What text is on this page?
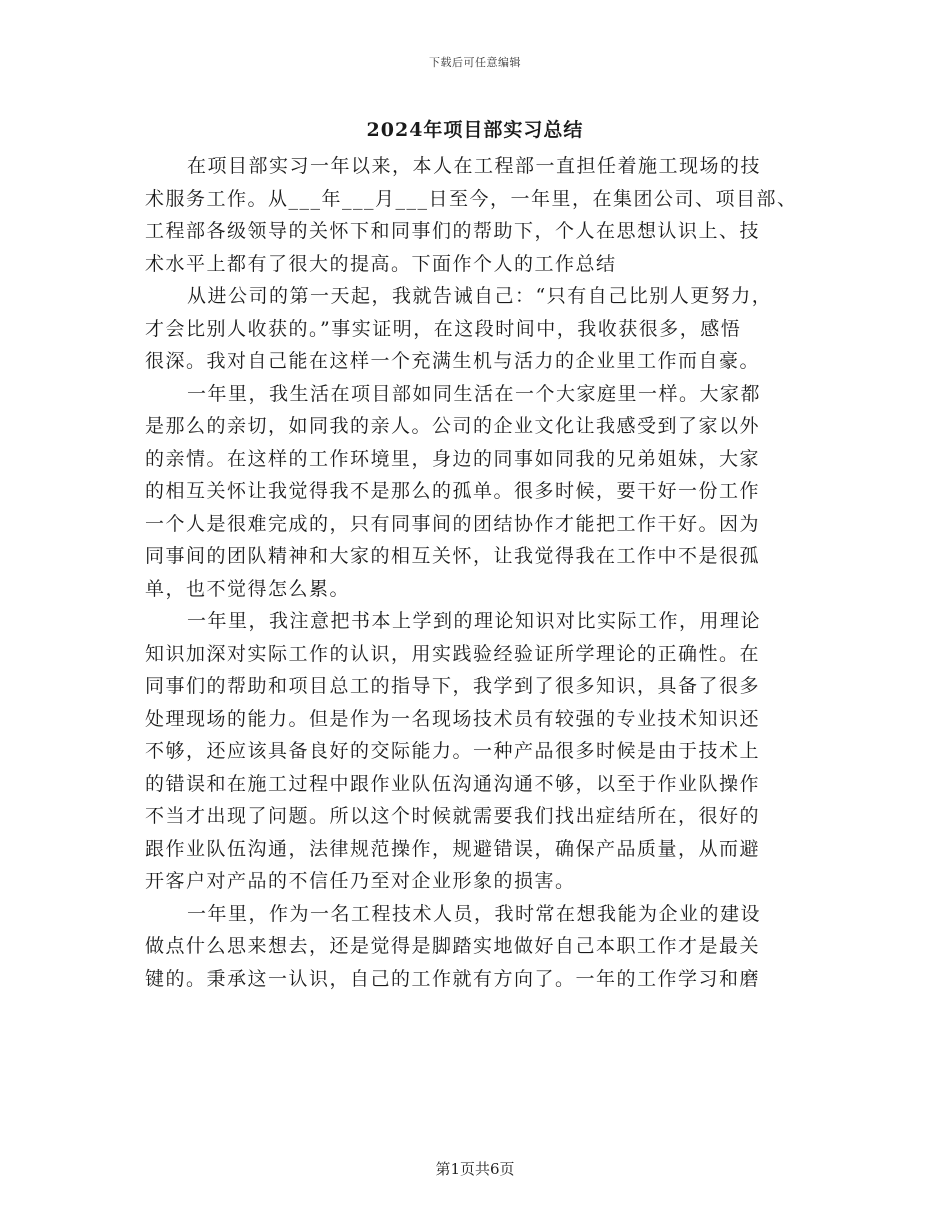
下载后可任意编辑
2024年项目部实习总结
在项目部实习一年以来，本人在工程部一直担任着施工现场的技
术服务工作。从___年___月___日至今，一年里，在集团公司、项目部、
工程部各级领导的关怀下和同事们的帮助下，个人在思想认识上、技
术水平上都有了很大的提高。下面作个人的工作总结
从进公司的第一天起，我就告诫自己：“只有自己比别人更努力，
才会比别人收获的。”事实证明，在这段时间中，我收获很多，感悟
很深。我对自己能在这样一个充满生机与活力的企业里工作而自豪。
一年里，我生活在项目部如同生活在一个大家庭里一样。大家都
是那么的亲切，如同我的亲人。公司的企业文化让我感受到了家以外
的亲情。在这样的工作环境里，身边的同事如同我的兄弟姐妹，大家
的相互关怀让我觉得我不是那么的孤单。很多时候，要干好一份工作
一个人是很难完成的，只有同事间的团结协作才能把工作干好。因为
同事间的团队精神和大家的相互关怀，让我觉得我在工作中不是很孤
单，也不觉得怎么累。
一年里，我注意把书本上学到的理论知识对比实际工作，用理论
知识加深对实际工作的认识，用实践验经验证所学理论的正确性。在
同事们的帮助和项目总工的指导下，我学到了很多知识，具备了很多
处理现场的能力。但是作为一名现场技术员有较强的专业技术知识还
不够，还应该具备良好的交际能力。一种产品很多时候是由于技术上
的错误和在施工过程中跟作业队伍沟通沟通不够，以至于作业队操作
不当才出现了问题。所以这个时候就需要我们找出症结所在，很好的
跟作业队伍沟通，法律规范操作，规避错误，确保产品质量，从而避
开客户对产品的不信任乃至对企业形象的损害。
一年里，作为一名工程技术人员，我时常在想我能为企业的建设
做点什么思来想去，还是觉得是脚踏实地做好自己本职工作才是最关
键的。秉承这一认识，自己的工作就有方向了。一年的工作学习和磨
第1页共6页
